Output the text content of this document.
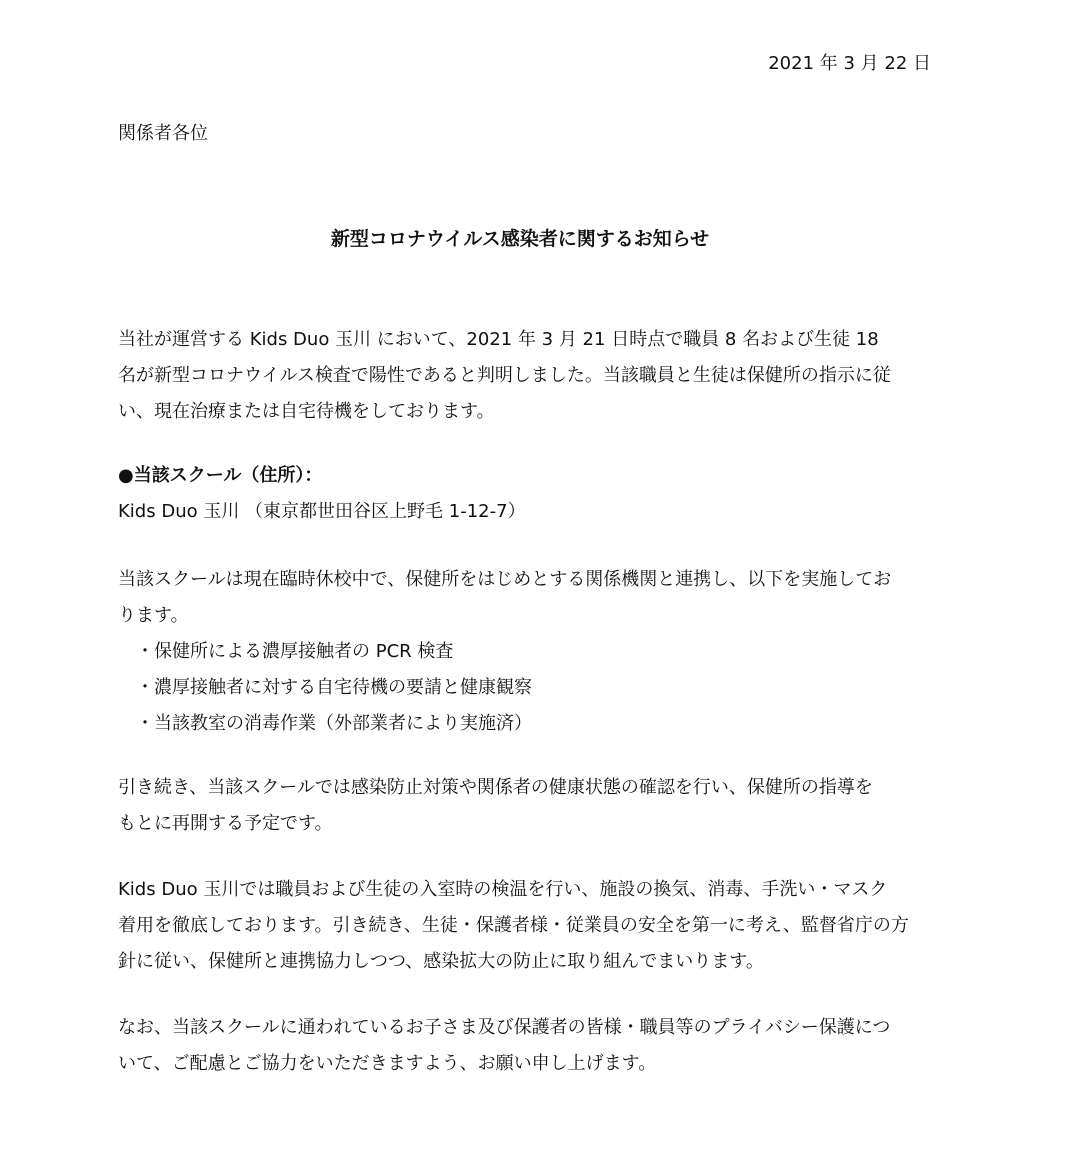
2021 年 3 月 22 日
関係者各位
新型コロナウイルス感染者に関するお知らせ
当社が運営する Kids Duo 玉川 において、2021 年 3 月 21 日時点で職員 8 名および生徒 18
名が新型コロナウイルス検査で陽性であると判明しました。当該職員と生徒は保健所の指示に従
い、現在治療または自宅待機をしております。
●当該スクール（住所）：
Kids Duo 玉川 （東京都世田谷区上野毛 1-12-7）
当該スクールは現在臨時休校中で、保健所をはじめとする関係機関と連携し、以下を実施してお
ります。
・保健所による濃厚接触者の PCR 検査
・濃厚接触者に対する自宅待機の要請と健康観察
・当該教室の消毒作業（外部業者により実施済）
引き続き、当該スクールでは感染防止対策や関係者の健康状態の確認を行い、保健所の指導を
もとに再開する予定です。
Kids Duo 玉川では職員および生徒の入室時の検温を行い、施設の換気、消毒、手洗い・マスク
着用を徹底しております。引き続き、生徒・保護者様・従業員の安全を第一に考え、監督省庁の方
針に従い、保健所と連携協力しつつ、感染拡大の防止に取り組んでまいります。
なお、当該スクールに通われているお子さま及び保護者の皆様・職員等のプライバシー保護につ
いて、ご配慮とご協力をいただきますよう、お願い申し上げます。
